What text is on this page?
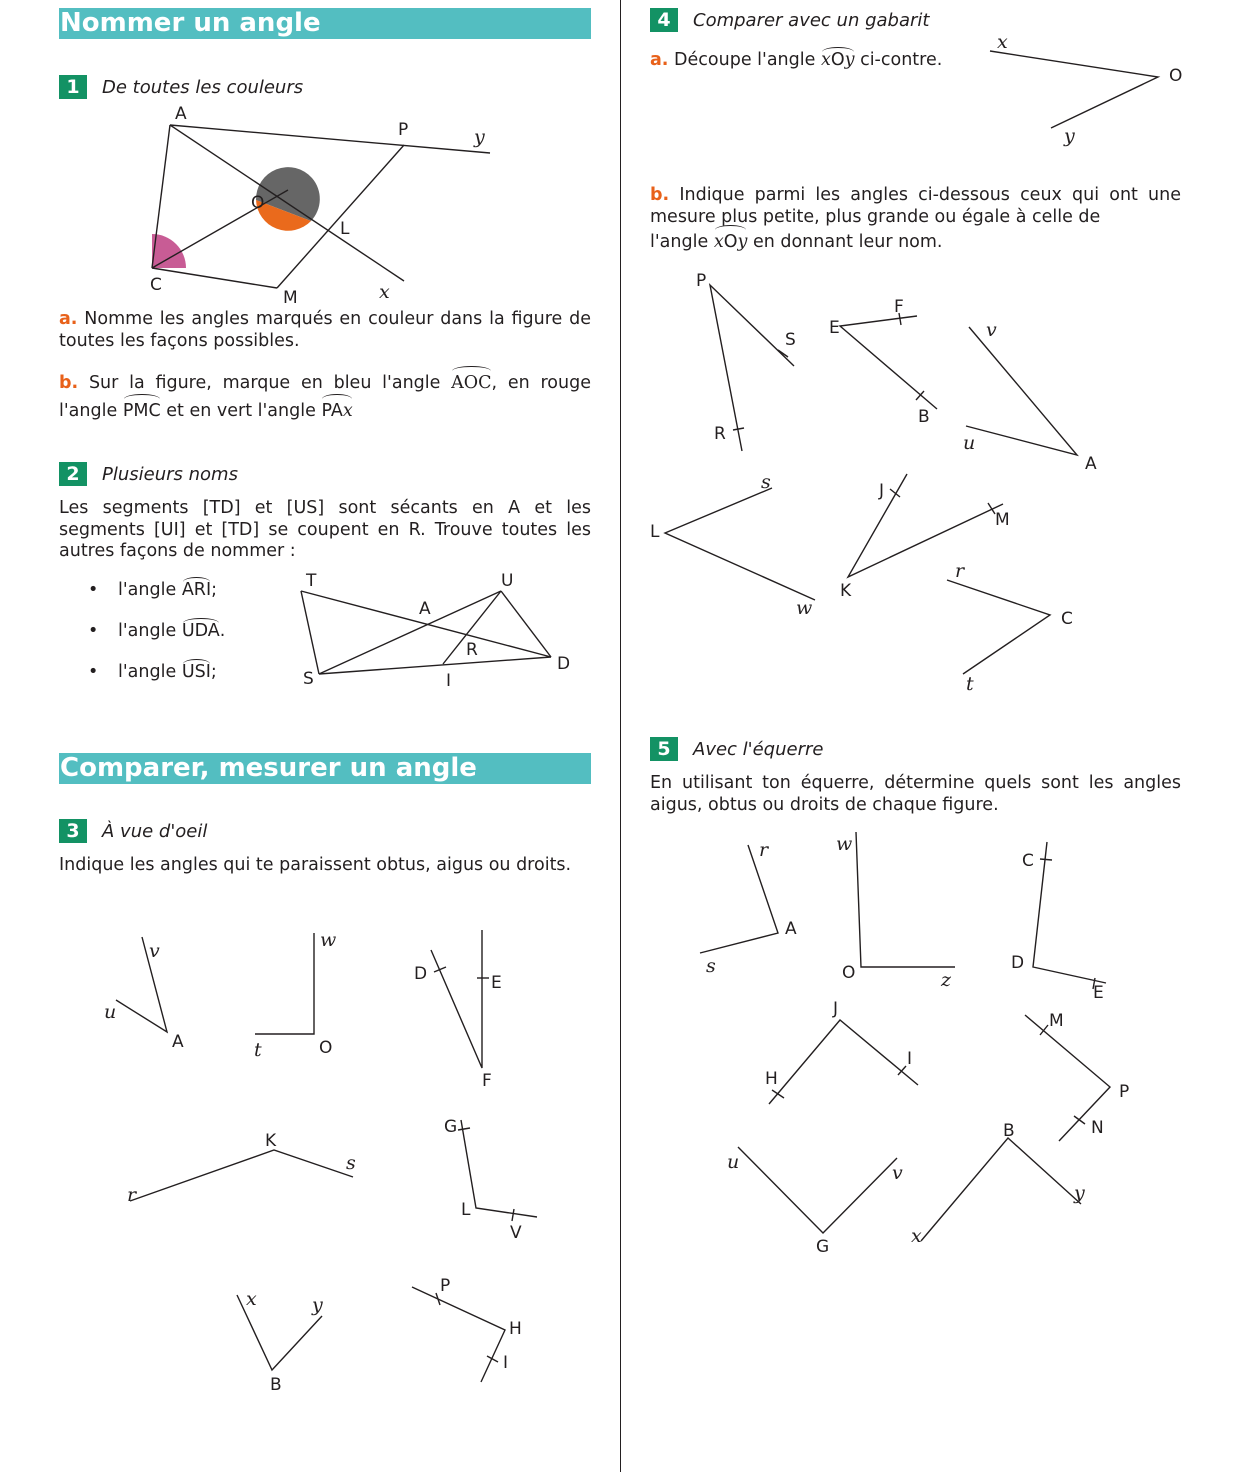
Nommer un angle
1	De toutes les couleurs
A
P	y
O
L
C
M	x
a. Nomme les angles marqués en couleur dans la figure de toutes les façons possibles.
b. Sur la figure, marque en bleu l'angle AOC, en rouge l'angle PMC et en vert l'angle PAx
2	Plusieurs noms
Les segments [TD] et [US] sont sécants en A et les segments [UI] et [TD] se coupent en R. Trouve toutes les autres façons de nommer :
•	l'angle
ARI ;
•	l'angle
UDA .
•	l'angle
USI ;
T	U
A
R
D
S	I
Comparer, mesurer un angle
3	À vue d'oeil
Indique les angles qui te paraissent obtus, aigus ou droits.
v
u
A
w
t	O
D	E
F
K
r
s
G
L
V
x	y
B
P
H
I
4	Comparer avec un gabarit
a. Découpe l'angle xOy ci-contre.
x
O
y
b. Indique parmi les angles ci-dessous ceux qui ont une mesure plus petite, plus grande ou égale à celle de
l'angle xOy en donnant leur nom.
P
S
R
F
E
B
v
u
A
s
L
w
J
M
K
r
C
t
5	Avec l'équerre
En utilisant ton équerre, détermine quels sont les angles aigus, obtus ou droits de chaque figure.
r
A
s
w
O	z
C
D
E
J
I
H
M
P
N
u	v
G
B
x
y
